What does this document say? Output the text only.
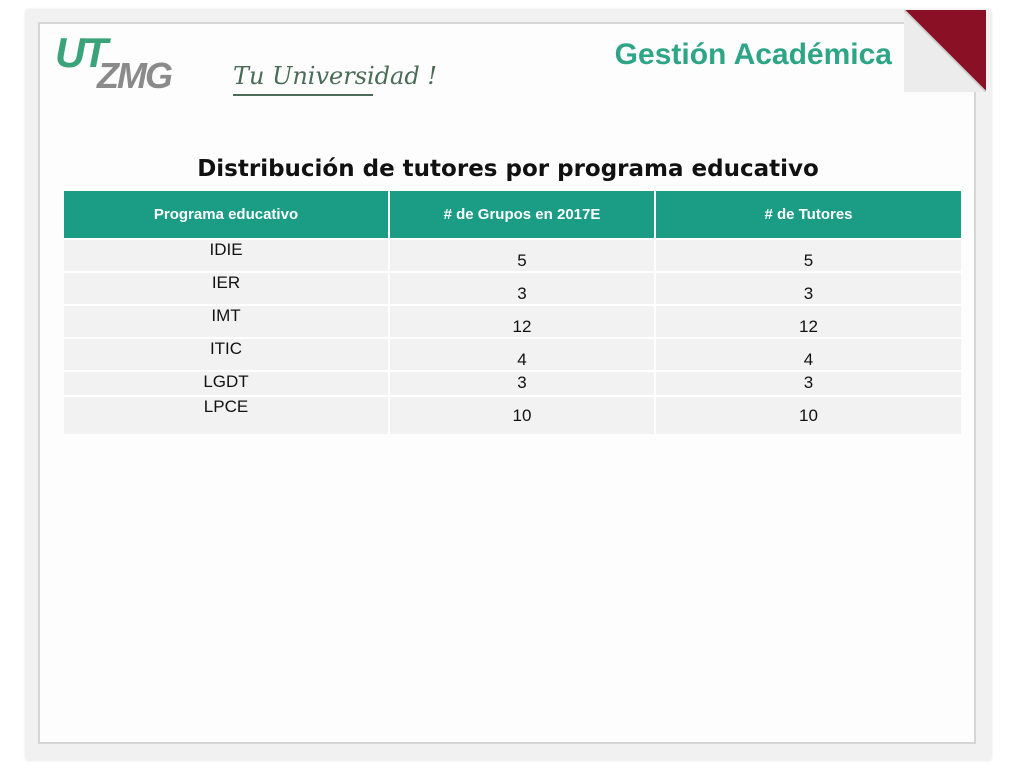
UT
ZMG	Tu Universidad !
Gestión Académica
Distribución de tutores por programa educativo
Programa educativo	# de Grupos en 2017E	# de Tutores
IDIE	5	5
IER	3	3
IMT	12	12
ITIC	4	4
LGDT	3	3
LPCE	10	10
